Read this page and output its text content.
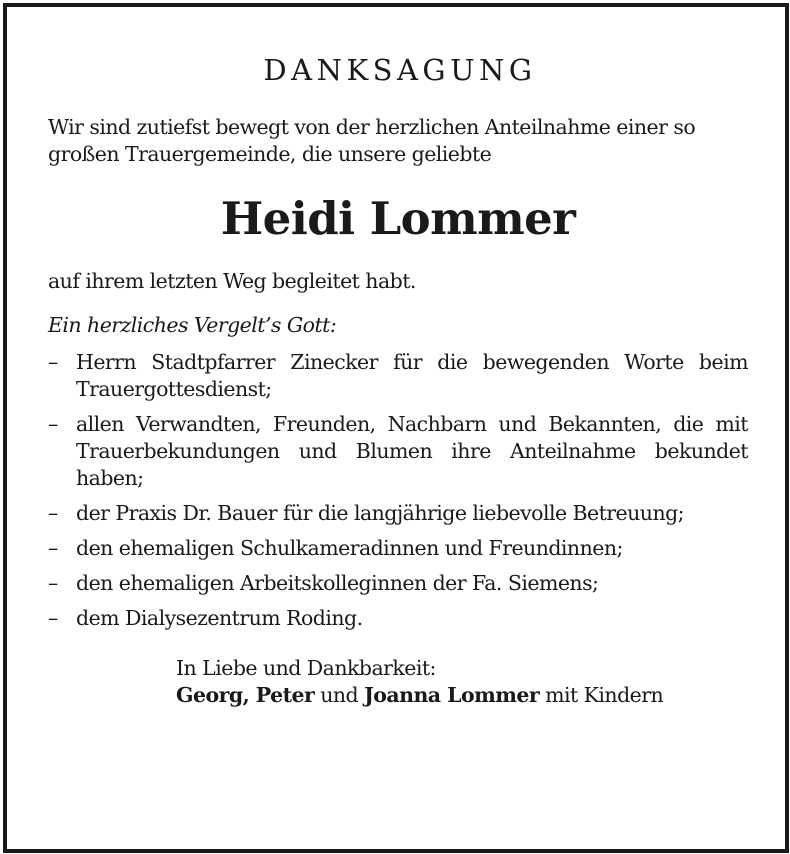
DANKSAGUNG

Wir sind zutiefst bewegt von der herzlichen Anteilnahme einer so großen Trauergemeinde, die unsere geliebte

Heidi Lommer

auf ihrem letzten Weg begleitet habt.

Ein herzliches Vergelt’s Gott:

– Herrn Stadtpfarrer Zinecker für die bewegenden Worte beim Trauergottesdienst;
– allen Verwandten, Freunden, Nachbarn und Bekannten, die mit Trauerbekundungen und Blumen ihre Anteilnahme bekundet haben;
– der Praxis Dr. Bauer für die langjährige liebevolle Betreuung;
– den ehemaligen Schulkameradinnen und Freundinnen;
– den ehemaligen Arbeitskolleginnen der Fa. Siemens;
– dem Dialysezentrum Roding.
In Liebe und Dankbarkeit:
Georg, Peter und Joanna Lommer mit Kindern
